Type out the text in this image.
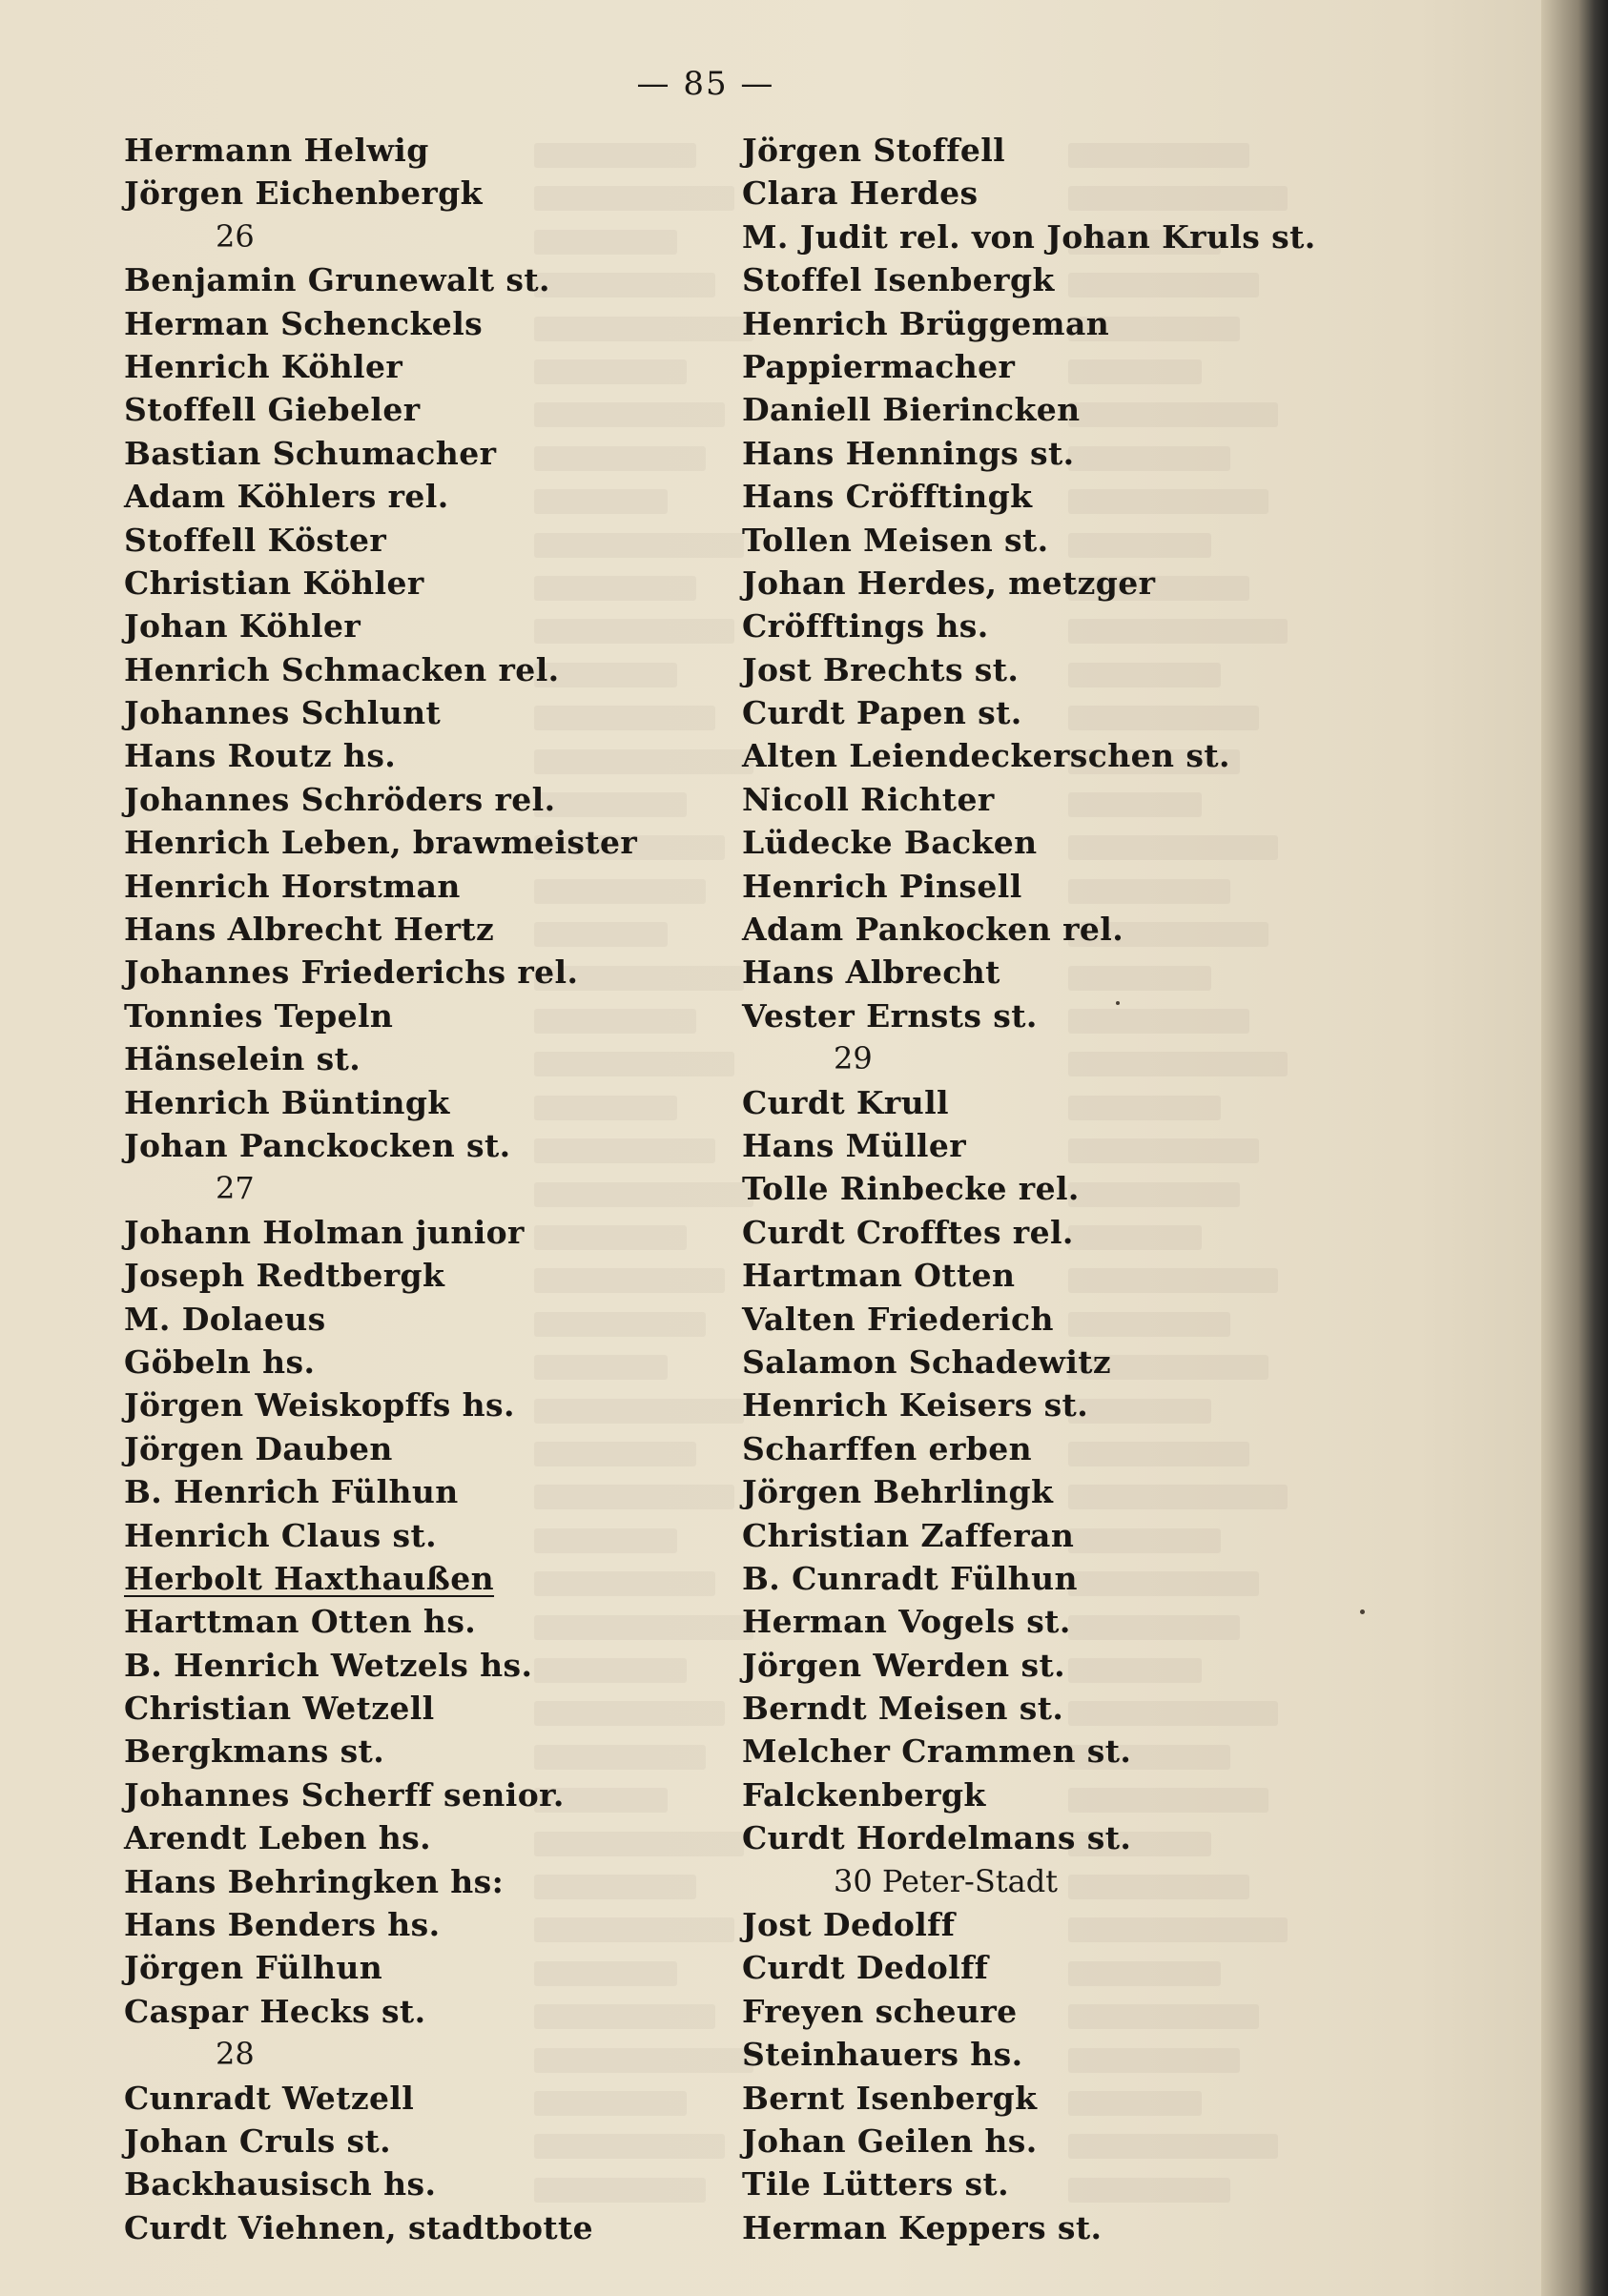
— 85 —
Hermann Helwig
Jörgen Eichenbergk
26
Benjamin Grunewalt st.
Herman Schenckels
Henrich Köhler
Stoffell Giebeler
Bastian Schumacher
Adam Köhlers rel.
Stoffell Köster
Christian Köhler
Johan Köhler
Henrich Schmacken rel.
Johannes Schlunt
Hans Routz hs.
Johannes Schröders rel.
Henrich Leben, brawmeister
Henrich Horstman
Hans Albrecht Hertz
Johannes Friederichs rel.
Tonnies Tepeln
Hänselein st.
Henrich Büntingk
Johan Panckocken st.
27
Johann Holman junior
Joseph Redtbergk
M. Dolaeus
Göbeln hs.
Jörgen Weiskopffs hs.
Jörgen Dauben
B. Henrich Fülhun
Henrich Claus st.
Herbolt Haxthaußen
Harttman Otten hs.
B. Henrich Wetzels hs.
Christian Wetzell
Bergkmans st.
Johannes Scherff senior.
Arendt Leben hs.
Hans Behringken hs:
Hans Benders hs.
Jörgen Fülhun
Caspar Hecks st.
28
Cunradt Wetzell
Johan Cruls st.
Backhausisch hs.
Curdt Viehnen, stadtbotte
Jörgen Stoffell
Clara Herdes
M. Judit rel. von Johan Kruls st.
Stoffel Isenbergk
Henrich Brüggeman
Pappiermacher
Daniell Bierincken
Hans Hennings st.
Hans Cröfftingk
Tollen Meisen st.
Johan Herdes, metzger
Cröfftings hs.
Jost Brechts st.
Curdt Papen st.
Alten Leiendeckerschen st.
Nicoll Richter
Lüdecke Backen
Henrich Pinsell
Adam Pankocken rel.
Hans Albrecht
Vester Ernsts st.
29
Curdt Krull
Hans Müller
Tolle Rinbecke rel.
Curdt Crofftes rel.
Hartman Otten
Valten Friederich
Salamon Schadewitz
Henrich Keisers st.
Scharffen erben
Jörgen Behrlingk
Christian Zafferan
B. Cunradt Fülhun
Herman Vogels st.
Jörgen Werden st.
Berndt Meisen st.
Melcher Crammen st.
Falckenbergk
Curdt Hordelmans st.
30 Peter-Stadt
Jost Dedolff
Curdt Dedolff
Freyen scheure
Steinhauers hs.
Bernt Isenbergk
Johan Geilen hs.
Tile Lütters st.
Herman Keppers st.
